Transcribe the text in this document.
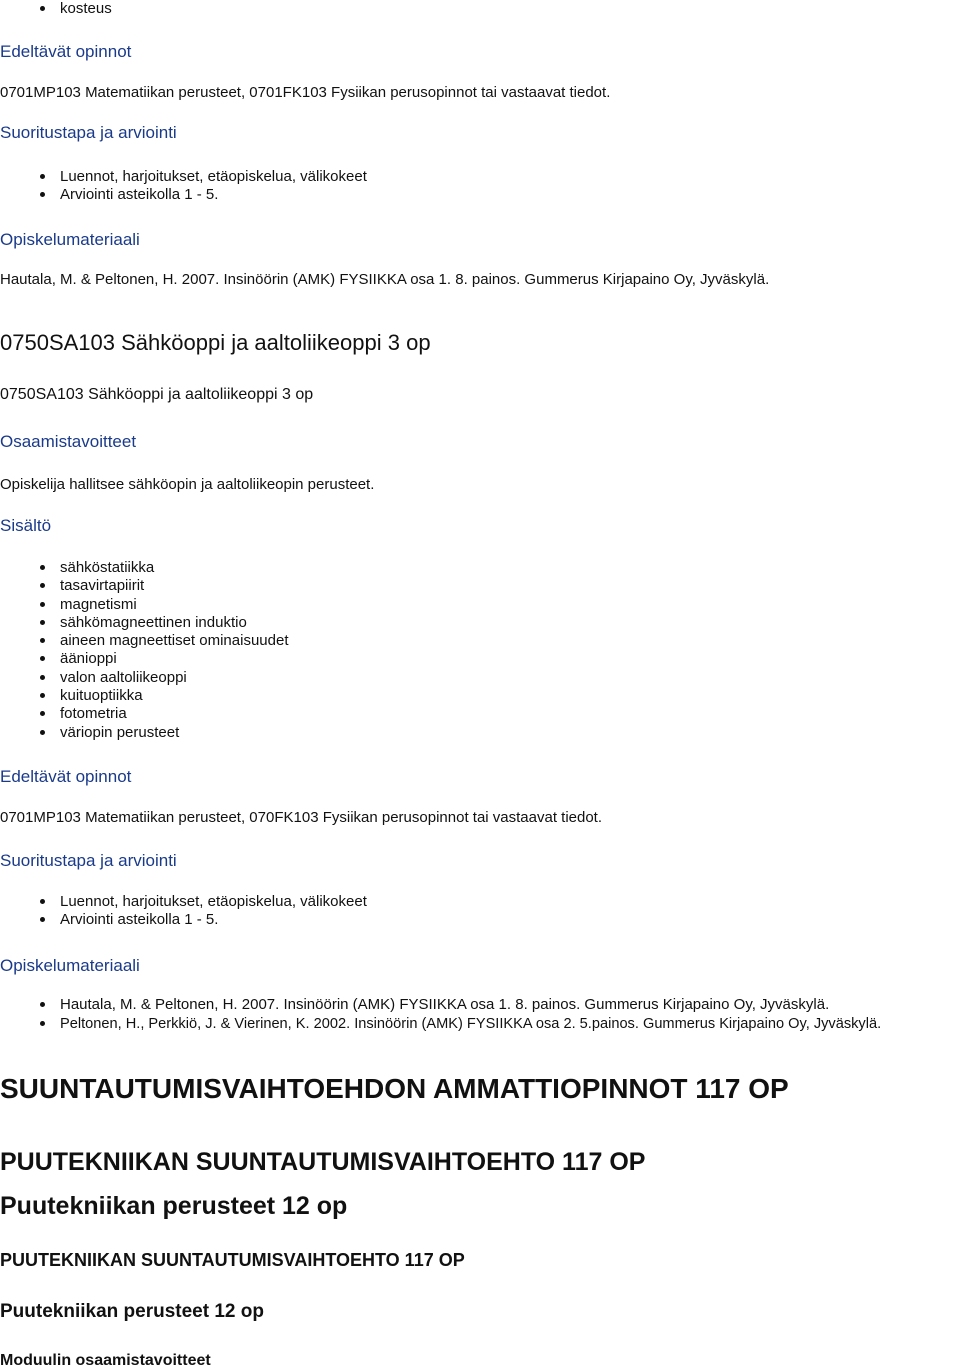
kosteus
Edeltävät opinnot
0701MP103 Matematiikan perusteet, 0701FK103 Fysiikan perusopinnot tai vastaavat tiedot.
Suoritustapa ja arviointi
Luennot, harjoitukset, etäopiskelua, välikokeet
Arviointi asteikolla 1 - 5.
Opiskelumateriaali
Hautala, M. & Peltonen, H. 2007. Insinöörin (AMK) FYSIIKKA osa 1. 8. painos. Gummerus Kirjapaino Oy, Jyväskylä.
0750SA103 Sähköoppi ja aaltoliikeoppi 3 op
0750SA103 Sähköoppi ja aaltoliikeoppi 3 op
Osaamistavoitteet
Opiskelija hallitsee sähköopin ja aaltoliikeopin perusteet.
Sisältö
sähköstatiikka
tasavirtapiirit
magnetismi
sähkömagneettinen induktio
aineen magneettiset ominaisuudet
äänioppi
valon aaltoliikeoppi
kuituoptiikka
fotometria
väriopin perusteet
Edeltävät opinnot
0701MP103 Matematiikan perusteet, 070FK103 Fysiikan perusopinnot tai vastaavat tiedot.
Suoritustapa ja arviointi
Luennot, harjoitukset, etäopiskelua, välikokeet
Arviointi asteikolla 1 - 5.
Opiskelumateriaali
Hautala, M. & Peltonen, H. 2007. Insinöörin (AMK) FYSIIKKA osa 1. 8. painos. Gummerus Kirjapaino Oy, Jyväskylä.
Peltonen, H., Perkkiö, J. & Vierinen, K. 2002. Insinöörin (AMK) FYSIIKKA osa 2. 5.painos. Gummerus Kirjapaino Oy, Jyväskylä.
SUUNTAUTUMISVAIHTOEHDON AMMATTIOPINNOT 117 OP
PUUTEKNIIKAN SUUNTAUTUMISVAIHTOEHTO 117 OP
Puutekniikan perusteet 12 op
PUUTEKNIIKAN SUUNTAUTUMISVAIHTOEHTO 117 OP
Puutekniikan perusteet 12 op
Moduulin osaamistavoitteet
